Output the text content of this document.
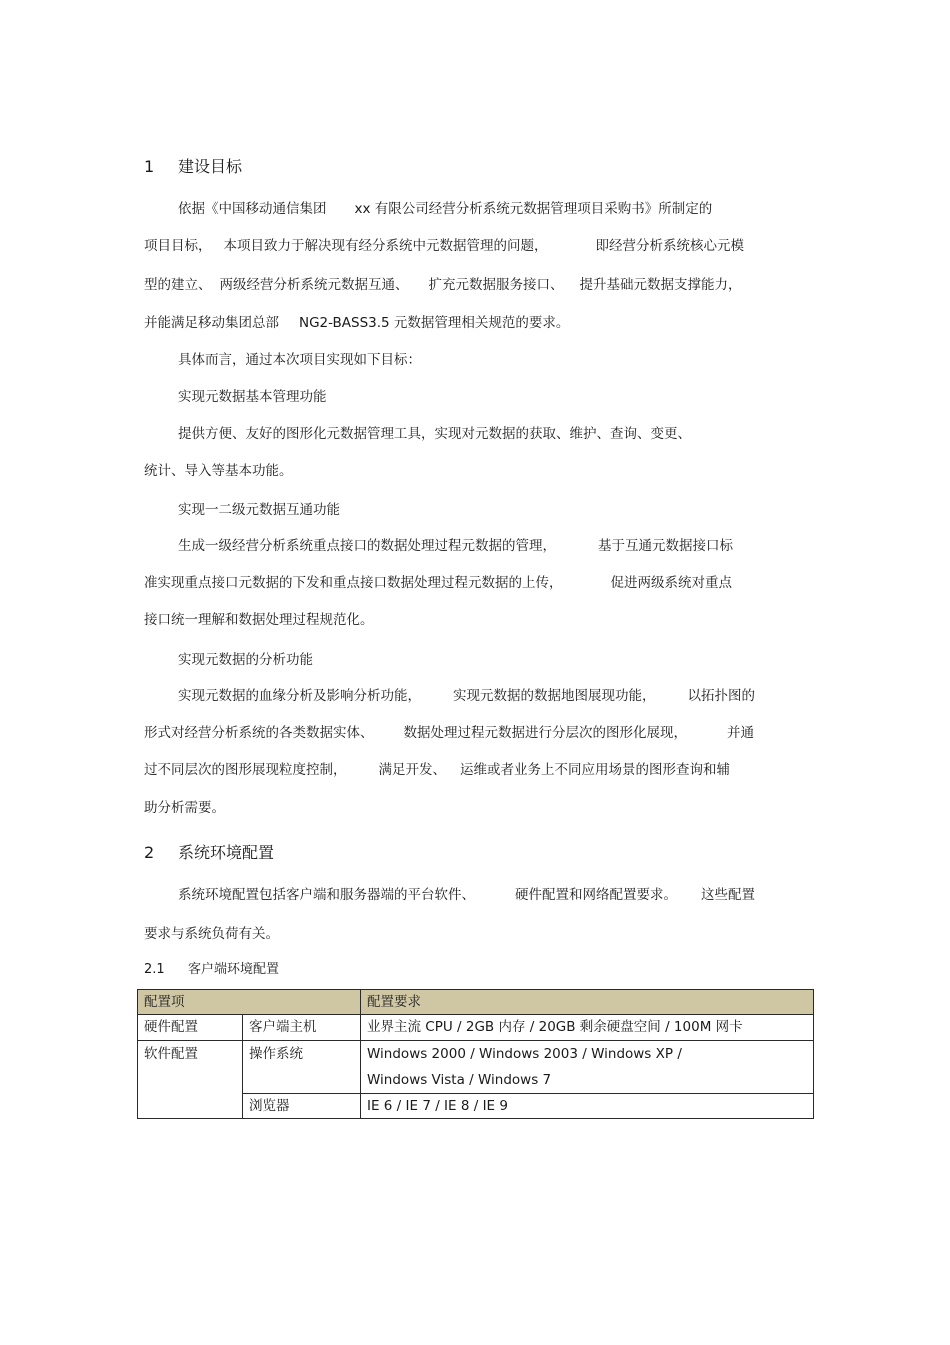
1 建设目标
依据《中国移动通信集团 xx 有限公司经营分析系统元数据管理项目采购书》所制定的
项目目标， 本项目致力于解决现有经分系统中元数据管理的问题，	即经营分析系统核心元模
型的建立、 两级经营分析系统元数据互通、 扩充元数据服务接口、 提升基础元数据支撑能力，
并能满足移动集团总部 NG2-BASS3.5 元数据管理相关规范的要求。
具体而言，通过本次项目实现如下目标：
实现元数据基本管理功能
提供方便、友好的图形化元数据管理工具，实现对元数据的获取、维护、查询、变更、
统计、导入等基本功能。
实现一二级元数据互通功能
生成一级经营分析系统重点接口的数据处理过程元数据的管理，	基于互通元数据接口标
准实现重点接口元数据的下发和重点接口数据处理过程元数据的上传，	促进两级系统对重点
接口统一理解和数据处理过程规范化。
实现元数据的分析功能
实现元数据的血缘分析及影响分析功能， 实现元数据的数据地图展现功能， 以拓扑图的
形式对经营分析系统的各类数据实体、 数据处理过程元数据进行分层次的图形化展现，	并通
过不同层次的图形展现粒度控制， 满足开发、 运维或者业务上不同应用场景的图形查询和辅
助分析需要。
2 系统环境配置
系统环境配置包括客户端和服务器端的平台软件、	硬件配置和网络配置要求。 这些配置
要求与系统负荷有关。
2.1 客户端环境配置
配置项		配置要求
硬件配置	客户端主机	业界主流 CPU / 2GB 内存 / 20GB 剩余硬盘空间 / 100M 网卡
软件配置	操作系统	Windows 2000 / Windows 2003 / Windows XP /
Windows Vista / Windows 7

	浏览器	IE 6 / IE 7 / IE 8 / IE 9
